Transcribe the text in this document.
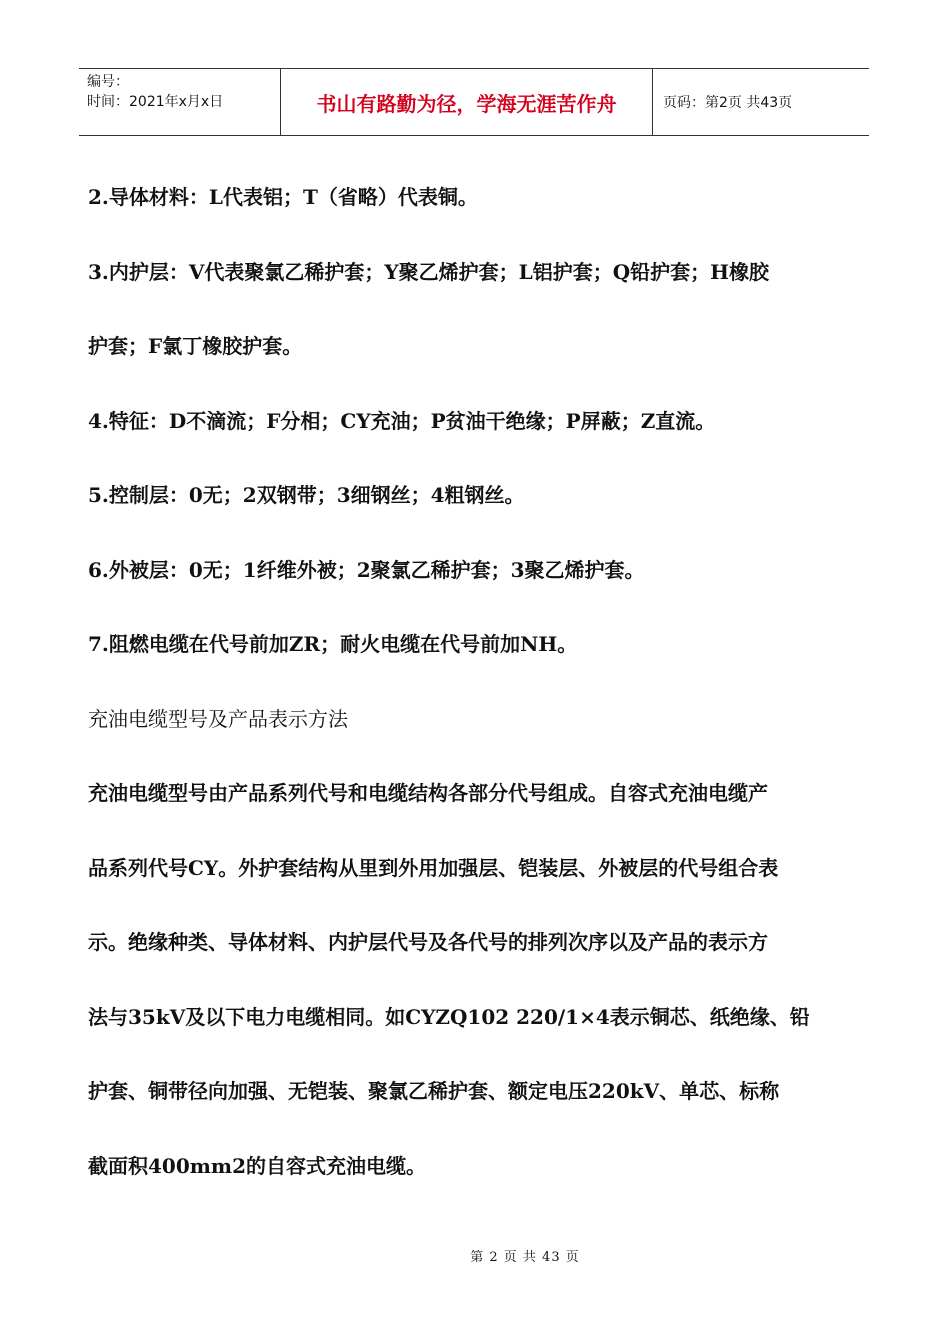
编号：
时间：2021年x月x日	书山有路勤为径，学海无涯苦作舟	页码：第2页 共43页

2.导体材料：L代表铝；T（省略）代表铜。

3.内护层：V代表聚氯乙稀护套；Y聚乙烯护套；L铝护套；Q铅护套；H橡胶

护套；F氯丁橡胶护套。

4.特征：D不滴流；F分相；CY充油；P贫油干绝缘；P屏蔽；Z直流。

5.控制层：0无；2双钢带；3细钢丝；4粗钢丝。

6.外被层：0无；1纤维外被；2聚氯乙稀护套；3聚乙烯护套。

7.阻燃电缆在代号前加ZR；耐火电缆在代号前加NH。

充油电缆型号及产品表示方法

充油电缆型号由产品系列代号和电缆结构各部分代号组成。自容式充油电缆产

品系列代号CY。外护套结构从里到外用加强层、铠装层、外被层的代号组合表

示。绝缘种类、导体材料、内护层代号及各代号的排列次序以及产品的表示方

法与35kV及以下电力电缆相同。如CYZQ102 220/1×4表示铜芯、纸绝缘、铅

护套、铜带径向加强、无铠装、聚氯乙稀护套、额定电压220kV、单芯、标称

截面积400mm2的自容式充油电缆。

第 2 页 共 43 页
